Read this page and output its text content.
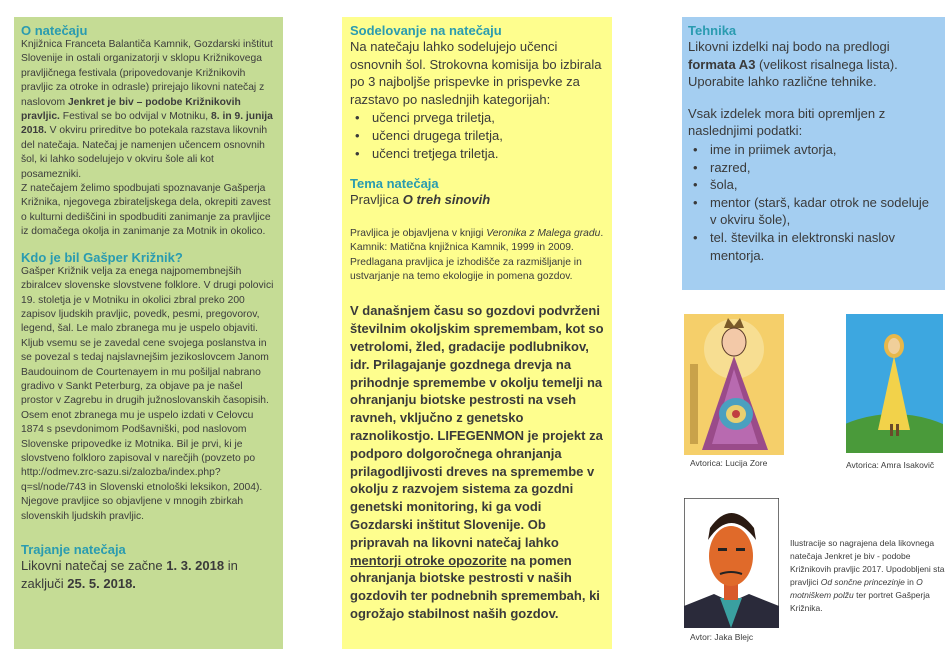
O natečaju

Knjižnica Franceta Balantiča Kamnik, Gozdarski inštitut Slovenije in ostali organizatorji v sklopu Križnikovega pravljičnega festivala (pripovedovanje Križnikovih pravljic za otroke in odrasle) prirejajo likovni natečaj z naslovom Jenkret je biv – podobe Križnikovih pravljic. Festival se bo odvijal v Motniku, 8. in 9. junija 2018. V okviru prireditve bo potekala razstava likovnih del natečaja. Natečaj je namenjen učencem osnovnih šol, ki lahko sodelujejo v okviru šole ali kot posamezniki.

Z natečajem želimo spodbujati spoznavanje Gašperja Križnika, njegovega zbirateljskega dela, okrepiti zavest o kulturni dediščini in spodbuditi zanimanje za pravljice iz domačega okolja in zanimanje za Motnik in okolico.

Kdo je bil Gašper Križnik?

Gašper Križnik velja za enega najpomembnejših zbiralcev slovenske slovstvene folklore. V drugi polovici 19. stoletja je v Motniku in okolici zbral preko 200 zapisov ljudskih pravljic, povedk, pesmi, pregovorov, legend, šal. Le malo zbranega mu je uspelo objaviti. Kljub vsemu se je zavedal cene svojega poslanstva in se povezal s tedaj najslavnejšim jezikoslovcem Janom Baudouinom de Courtenayem in mu pošiljal nabrano gradivo v Sankt Peterburg, za objave pa je našel prostor v Zagrebu in drugih južnoslovanskih časopisih. Osem enot zbranega mu je uspelo izdati v Celovcu 1874 s psevdonimom Podšavniški, pod naslovom Slovenske pripovedke iz Motnika. Bil je prvi, ki je slovstveno folkloro zapisoval v narečjih (povzeto po http://odmev.zrc-sazu.si/zalozba/index.php?q=sl/node/743 in Slovenski etnološki leksikon, 2004).

Njegove pravljice so objavljene v mnogih zbirkah slovenskih ljudskih pravljic.

Trajanje natečaja

Likovni natečaj se začne 1. 3. 2018 in zaključi 25. 5. 2018.

Sodelovanje na natečaju

Na natečaju lahko sodelujejo učenci osnovnih šol. Strokovna komisija bo izbirala po 3 najboljše prispevke in prispevke za razstavo po naslednjih kategorijah:

• učenci prvega triletja,
• učenci drugega triletja,
• učenci tretjega triletja.
Tema natečaja

Pravljica O treh sinovih

Pravljica je objavljena v knjigi Veronika z Malega gradu. Kamnik: Matična knjižnica Kamnik, 1999 in 2009.

Predlagana pravljica je izhodišče za razmišljanje in ustvarjanje na temo ekologije in pomena gozdov.

V današnjem času so gozdovi podvrženi številnim okoljskim spremembam, kot so vetrolomi, žled, gradacije podlubnikov, idr. Prilagajanje gozdnega drevja na prihodnje spremembe v okolju temelji na ohranjanju biotske pestrosti na vseh ravneh, vključno z genetsko raznolikostjo. LIFEGENMON je projekt za podporo dolgoročnega ohranjanja prilagodljivosti dreves na spremembe v okolju z razvojem sistema za gozdni genetski monitoring, ki ga vodi Gozdarski inštitut Slovenije. Ob pripravah na likovni natečaj lahko mentorji otroke opozorite na pomen ohranjanja biotske pestrosti v naših gozdovih ter podnebnih spremembah, ki ogrožajo stabilnost naših gozdov.

Tehnika

Likovni izdelki naj bodo na predlogi formata A3 (velikost risalnega lista). Uporabite lahko različne tehnike.

Vsak izdelek mora biti opremljen z naslednjimi podatki:

• ime in priimek avtorja,
• razred,
• šola,
• mentor (starš, kadar otrok ne sodeluje v okviru šole),
• tel. številka in elektronski naslov mentorja.
Avtorica: Lucija Zore	Avtorica: Amra Isakovič
Avtor: Jaka Blejc

Ilustracije so nagrajena dela likovnega natečaja Jenkret je biv - podobe Križnikovih pravljic 2017. Upodobljeni sta pravljici Od sončne princezinje in O motniškem polžu ter portret Gašperja Križnika.
